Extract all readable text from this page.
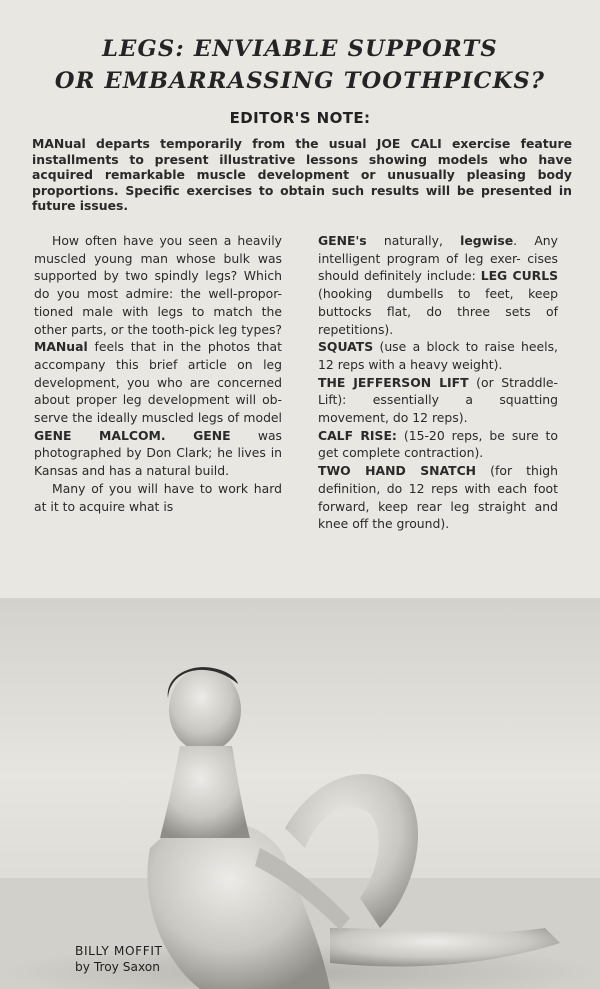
LEGS: ENVIABLE SUPPORTS
OR EMBARRASSING TOOTHPICKS?
EDITOR'S NOTE:

MANual departs temporarily from the usual JOE CALI exercise feature installments to present illustrative lessons showing models who have acquired remarkable muscle development or unusually pleasing body proportions. Specific exercises to obtain such results will be presented in future issues.

How often have you seen a heavily muscled young man whose bulk was supported by two spindly legs? Which do you most admire: the well-propor- tioned male with legs to match the other parts, or the tooth-pick leg types? MANual feels that in the photos that accompany this brief article on leg development, you who are concerned about proper leg development will ob- serve the ideally muscled legs of model GENE MALCOM. GENE was photographed by Don Clark; he lives in Kansas and has a natural build.

Many of you will have to work hard at it to acquire what is

GENE's naturally, legwise. Any intelligent program of leg exer- cises should definitely include: LEG CURLS (hooking dumbells to feet, keep buttocks flat, do three sets of repetitions).

SQUATS (use a block to raise heels, 12 reps with a heavy weight).

THE JEFFERSON LIFT (or Straddle-Lift): essentially a squatting movement, do 12 reps).

CALF RISE: (15-20 reps, be sure to get complete contraction).

TWO HAND SNATCH (for thigh definition, do 12 reps with each foot forward, keep rear leg straight and knee off the ground).

BILLY MOFFIT
by Troy Saxon
